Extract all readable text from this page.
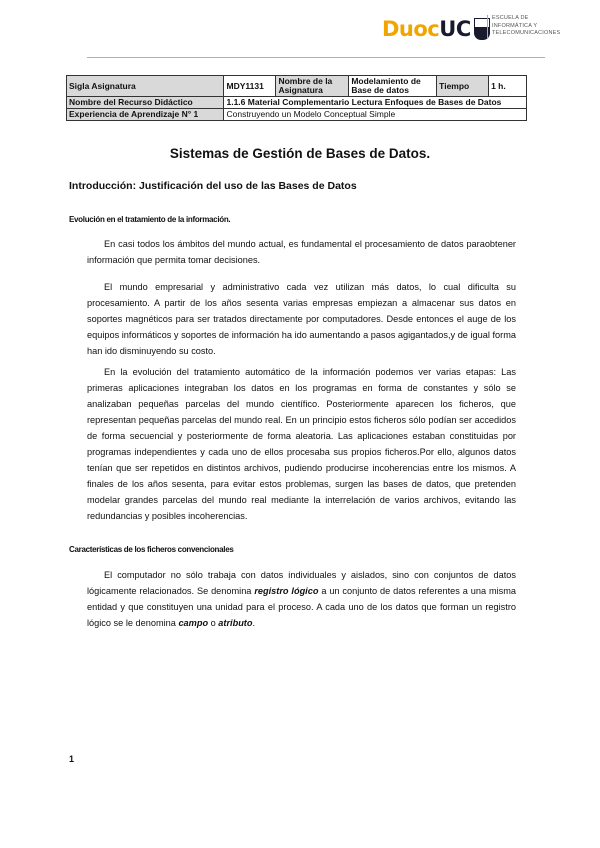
DuocUC	ESCUELA DE
INFORMÁTICA Y
TELECOMUNICACIONES
Sigla Asignatura	MDY1131	Nombre de la Asignatura	Modelamiento de Base de datos	Tiempo	1 h.
Nombre del Recurso Didáctico	1.1.6 Material Complementario Lectura Enfoques de Bases de Datos				
Experiencia de Aprendizaje N° 1	Construyendo un Modelo Conceptual Simple				
Sistemas de Gestión de Bases de Datos.
Introducción: Justificación del uso de las Bases de Datos
Evolución en el tratamiento de la información.

En casi todos los ámbitos del mundo actual, es fundamental el procesamiento de datos paraobtener información que permita tomar decisiones.

El mundo empresarial y administrativo cada vez utilizan más datos, lo cual dificulta su procesamiento. A partir de los años sesenta varias empresas empiezan a almacenar sus datos en soportes magnéticos para ser tratados directamente por computadores. Desde entonces el auge de los equipos informáticos y soportes de información ha ido aumentando a pasos agigantados,y de igual forma han ido disminuyendo su costo.

En la evolución del tratamiento automático de la información podemos ver varias etapas: Las primeras aplicaciones integraban los datos en los programas en forma de constantes y sólo se analizaban pequeñas parcelas del mundo científico. Posteriormente aparecen los ficheros, que representan pequeñas parcelas del mundo real. En un principio estos ficheros sólo podían ser accedidos de forma secuencial y posteriormente de forma aleatoria. Las aplicaciones estaban constituidas por programas independientes y cada uno de ellos procesaba sus propios ficheros.Por ello, algunos datos tenían que ser repetidos en distintos archivos, pudiendo producirse incoherencias entre los mismos. A finales de los años sesenta, para evitar estos problemas, surgen las bases de datos, que pretenden modelar grandes parcelas del mundo real mediante la interrelación de varios archivos, evitando las redundancias y posibles incoherencias.

Características de los ficheros convencionales

El computador no sólo trabaja con datos individuales y aislados, sino con conjuntos de datos lógicamente relacionados. Se denomina registro lógico a un conjunto de datos referentes a una misma entidad y que constituyen una unidad para el proceso. A cada uno de los datos que forman un registro lógico se le denomina campo o atributo.

1
